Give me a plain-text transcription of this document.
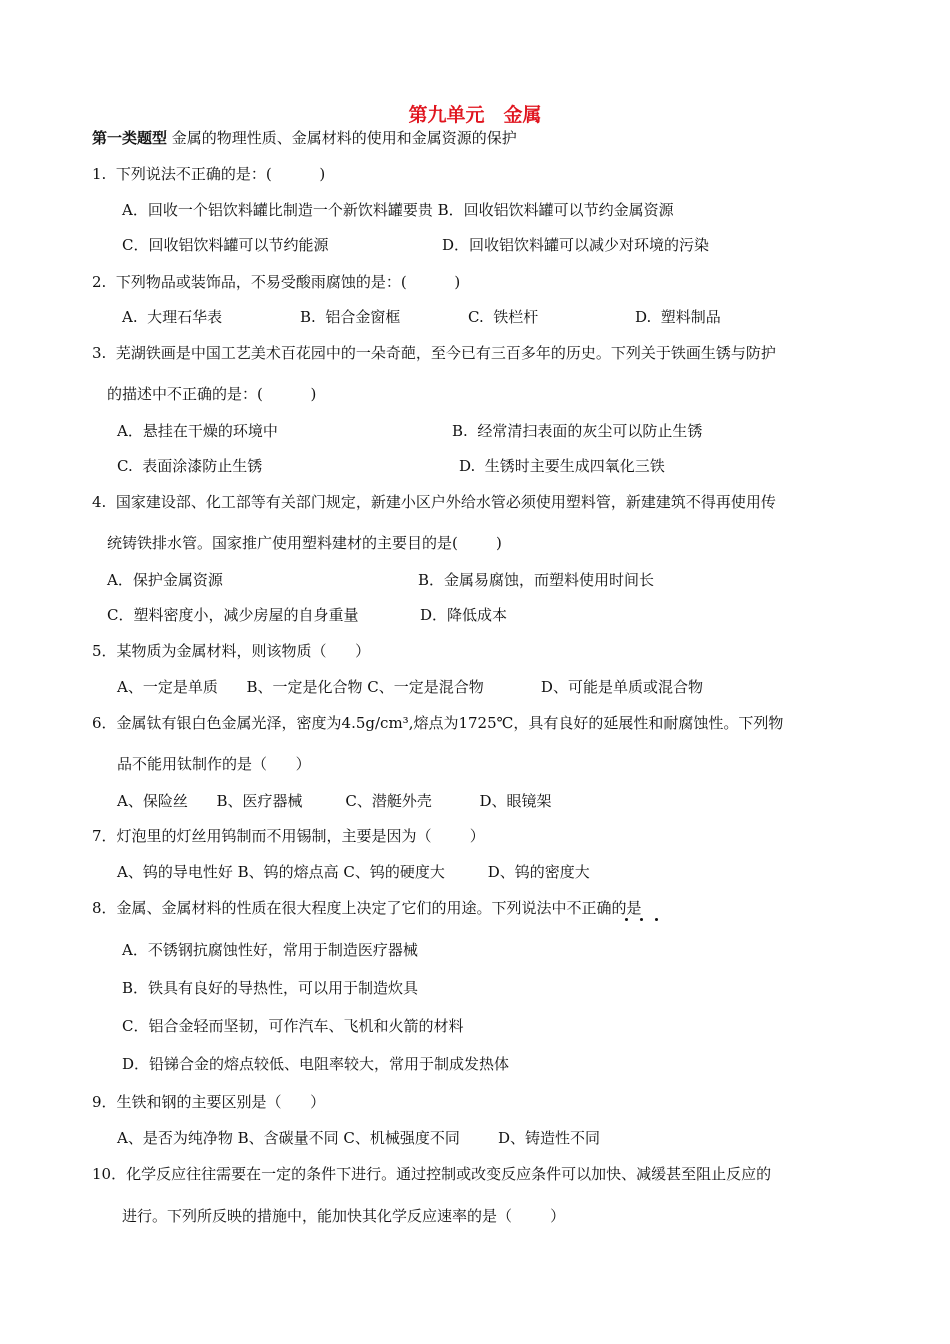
第九单元　金属
第一类题型 金属的物理性质、金属材料的使用和金属资源的保护
1.  下列说法不正确的是：(          )
A．回收一个铝饮料罐比制造一个新饮料罐要贵 B．回收铝饮料罐可以节约金属资源
C．回收铝饮料罐可以节约能源	D．回收铝饮料罐可以减少对环境的污染
2.  下列物品或装饰品，不易受酸雨腐蚀的是：(          )
A.  大理石华表	B.  铝合金窗框	C.  铁栏杆	D.  塑料制品
3.  芜湖铁画是中国工艺美术百花园中的一朵奇葩，至今已有三百多年的历史。下列关于铁画生锈与防护
的描述中不正确的是：(          )
A．悬挂在干燥的环境中	B.  经常清扫表面的灰尘可以防止生锈
C.  表面涂漆防止生锈	D.  生锈时主要生成四氧化三铁
4.  国家建设部、化工部等有关部门规定，新建小区户外给水管必须使用塑料管，新建建筑不得再使用传
统铸铁排水管。国家推广使用塑料建材的主要目的是(        )
A．保护金属资源	B．金属易腐蚀，而塑料使用时间长
C．塑料密度小，减少房屋的自身重量	D．降低成本
5．某物质为金属材料，则该物质（      ）
A、一定是单质      B、一定是化合物 C、一定是混合物            D、可能是单质或混合物
6．金属钛有银白色金属光泽，密度为4.5g/cm³,熔点为1725℃，具有良好的延展性和耐腐蚀性。下列物
品不能用钛制作的是（      ）
A、保险丝      B、医疗器械         C、潜艇外壳          D、眼镜架
7．灯泡里的灯丝用钨制而不用锡制，主要是因为（        ）
A、钨的导电性好 B、钨的熔点高 C、钨的硬度大         D、钨的密度大
8．金属、金属材料的性质在很大程度上决定了它们的用途。下列说法中不正确的是
A．不锈钢抗腐蚀性好，常用于制造医疗器械
B．铁具有良好的导热性，可以用于制造炊具
C．铝合金轻而坚韧，可作汽车、飞机和火箭的材料
D．铅锑合金的熔点较低、电阻率较大，常用于制成发热体
9．生铁和钢的主要区别是（      ）
A、是否为纯净物 B、含碳量不同 C、机械强度不同        D、铸造性不同
10．化学反应往往需要在一定的条件下进行。通过控制或改变反应条件可以加快、减缓甚至阻止反应的
进行。下列所反映的措施中，能加快其化学反应速率的是（        ）
